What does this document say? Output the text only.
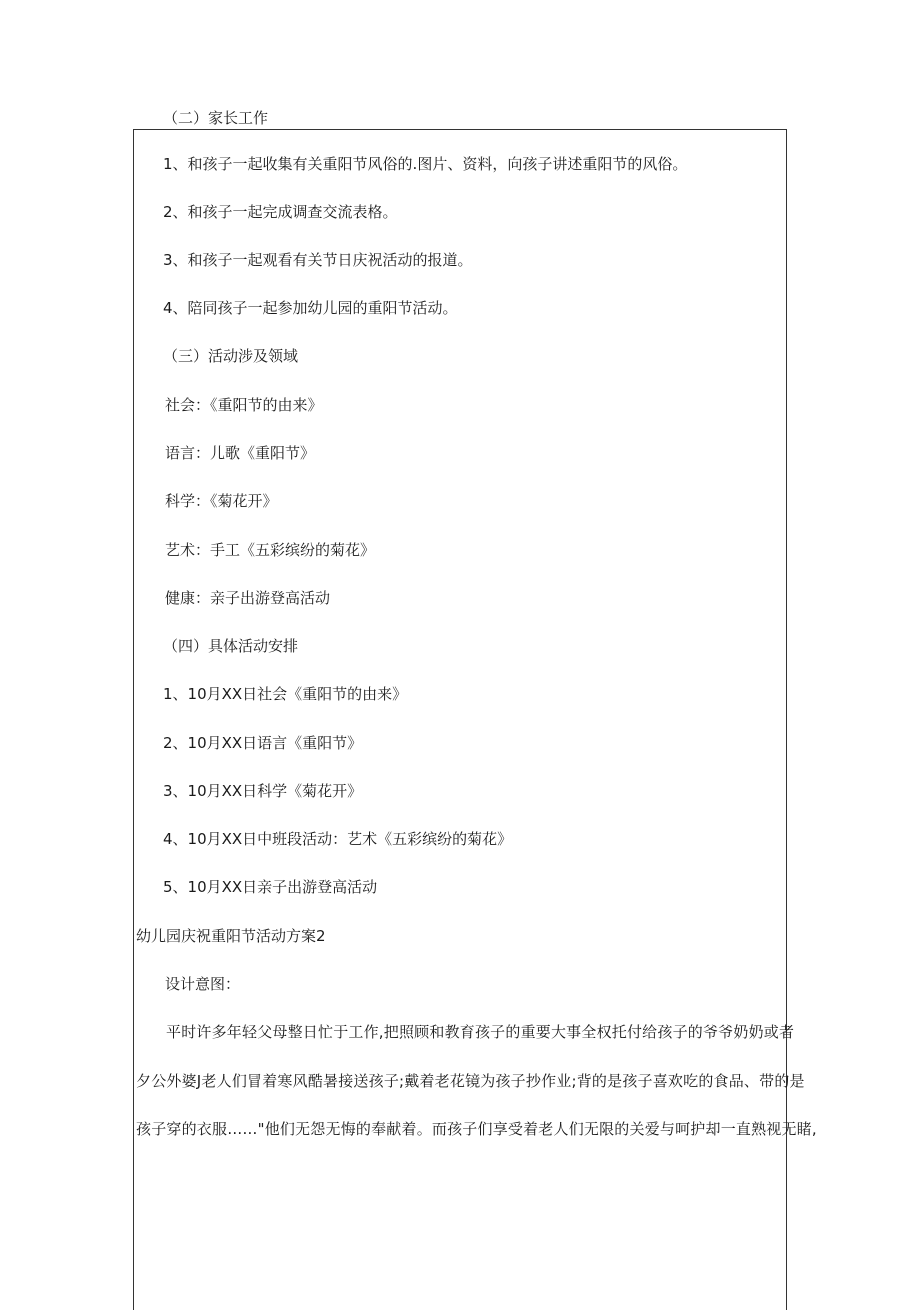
（二）家长工作
1、和孩子一起收集有关重阳节风俗的.图片、资料，向孩子讲述重阳节的风俗。
2、和孩子一起完成调查交流表格。
3、和孩子一起观看有关节日庆祝活动的报道。
4、陪同孩子一起参加幼儿园的重阳节活动。
（三）活动涉及领域
社会：《重阳节的由来》
语言：儿歌《重阳节》
科学：《菊花开》
艺术：手工《五彩缤纷的菊花》
健康：亲子出游登高活动
（四）具体活动安排
1、10月XX日社会《重阳节的由来》
2、10月XX日语言《重阳节》
3、10月XX日科学《菊花开》
4、10月XX日中班段活动：艺术《五彩缤纷的菊花》
5、10月XX日亲子出游登高活动
幼儿园庆祝重阳节活动方案2
设计意图：
平时许多年轻父母整日忙于工作,把照顾和教育孩子的重要大事全权托付给孩子的爷爷奶奶或者
夕公外婆J老人们冒着寒风酷暑接送孩子;戴着老花镜为孩子抄作业;背的是孩子喜欢吃的食品、带的是
孩子穿的衣服……"他们无怨无悔的奉献着。而孩子们享受着老人们无限的关爱与呵护却一直熟视无睹,
